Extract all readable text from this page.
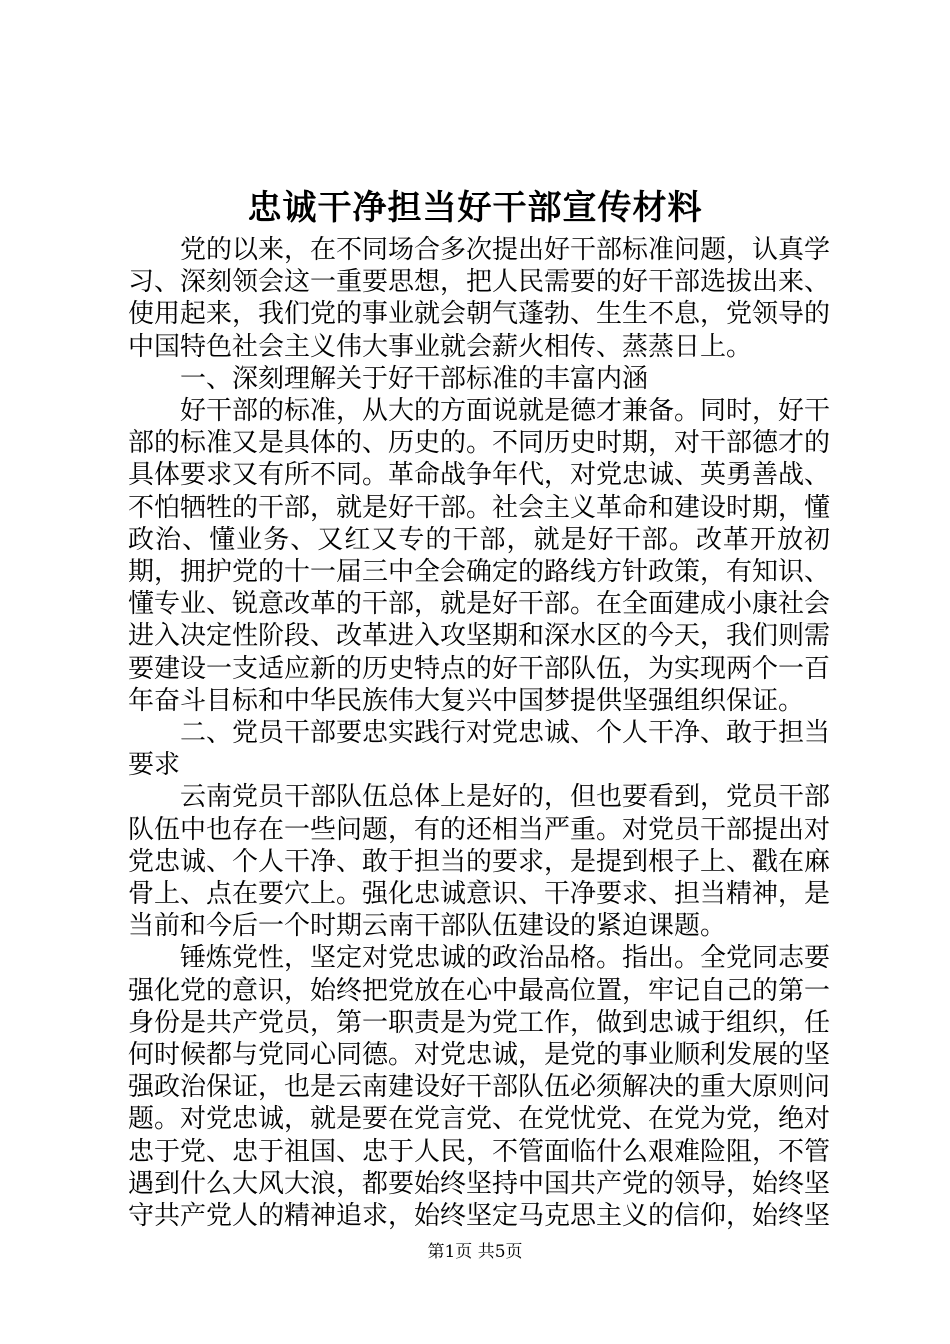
忠诚干净担当好干部宣传材料

党的以来，在不同场合多次提出好干部标准问题，认真学习、深刻领会这一重要思想，把人民需要的好干部选拔出来、使用起来，我们党的事业就会朝气蓬勃、生生不息，党领导的中国特色社会主义伟大事业就会薪火相传、蒸蒸日上。

一、深刻理解关于好干部标准的丰富内涵

好干部的标准，从大的方面说就是德才兼备。同时，好干部的标准又是具体的、历史的。不同历史时期，对干部德才的具体要求又有所不同。革命战争年代，对党忠诚、英勇善战、不怕牺牲的干部，就是好干部。社会主义革命和建设时期，懂政治、懂业务、又红又专的干部，就是好干部。改革开放初期，拥护党的十一届三中全会确定的路线方针政策，有知识、懂专业、锐意改革的干部，就是好干部。在全面建成小康社会进入决定性阶段、改革进入攻坚期和深水区的今天，我们则需要建设一支适应新的历史特点的好干部队伍，为实现两个一百年奋斗目标和中华民族伟大复兴中国梦提供坚强组织保证。

二、党员干部要忠实践行对党忠诚、个人干净、敢于担当要求

云南党员干部队伍总体上是好的，但也要看到，党员干部队伍中也存在一些问题，有的还相当严重。对党员干部提出对党忠诚、个人干净、敢于担当的要求，是提到根子上、戳在麻骨上、点在要穴上。强化忠诚意识、干净要求、担当精神，是当前和今后一个时期云南干部队伍建设的紧迫课题。

锤炼党性，坚定对党忠诚的政治品格。指出。全党同志要强化党的意识，始终把党放在心中最高位置，牢记自己的第一身份是共产党员，第一职责是为党工作，做到忠诚于组织，任何时候都与党同心同德。对党忠诚，是党的事业顺利发展的坚强政治保证，也是云南建设好干部队伍必须解决的重大原则问题。对党忠诚，就是要在党言党、在党忧党、在党为党，绝对忠于党、忠于祖国、忠于人民，不管面临什么艰难险阻，不管遇到什么大风大浪，都要始终坚持中国共产党的领导，始终坚守共产党人的精神追求，始终坚定马克思主义的信仰，始终坚

第1页 共5页
